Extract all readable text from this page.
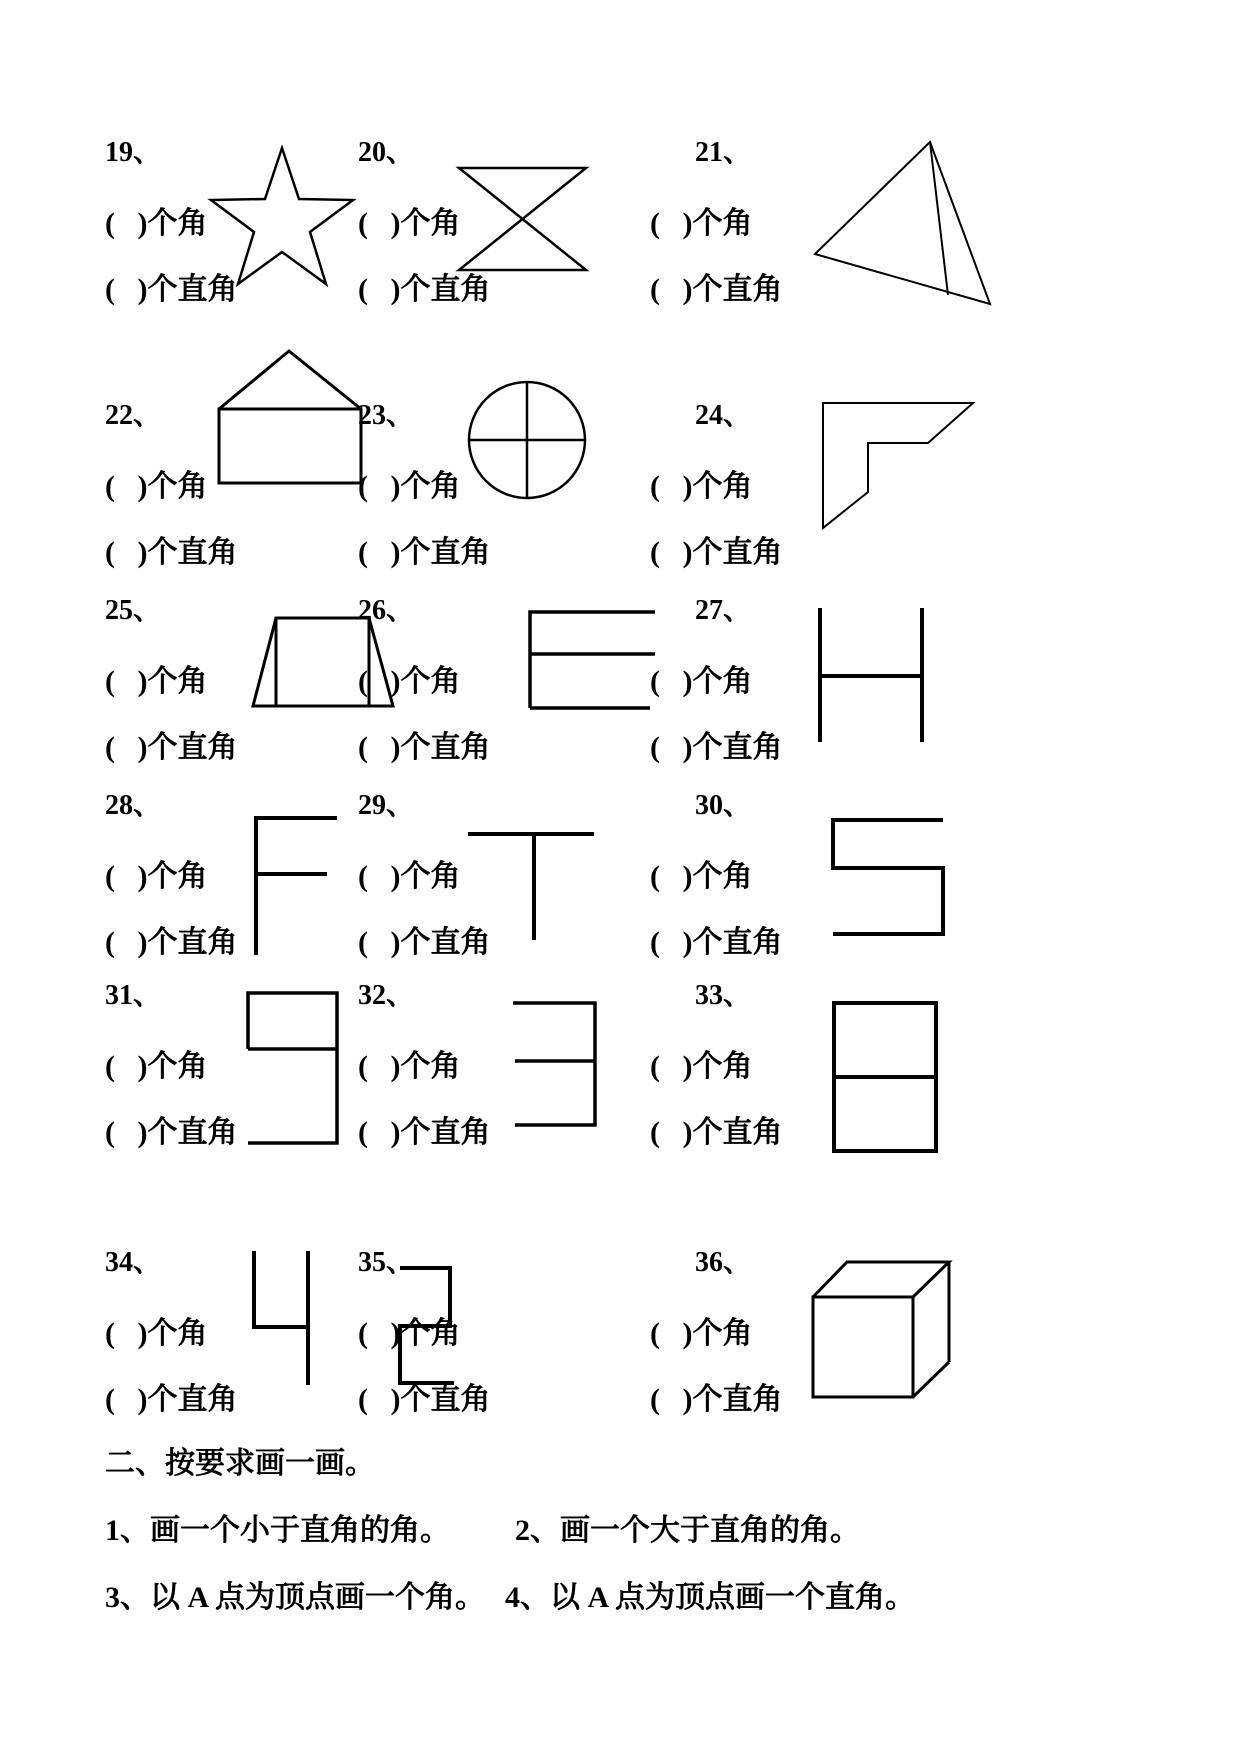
19、
(   )个角
(   )个直角
20、
(   )个角
(   )个直角
21、
(   )个角
(   )个直角
22、
(   )个角
(   )个直角
23、
(   )个角
(   )个直角
24、
(   )个角
(   )个直角
25、
(   )个角
(   )个直角
26、
(   )个角
(   )个直角
27、
(   )个角
(   )个直角
28、
(   )个角
(   )个直角
29、
(   )个角
(   )个直角
30、
(   )个角
(   )个直角
31、
(   )个角
(   )个直角
32、
(   )个角
(   )个直角
33、
(   )个角
(   )个直角
34、
(   )个角
(   )个直角
35、
(   )个角
(   )个直角
36、
(   )个角
(   )个直角
二、按要求画一画。
1、画一个小于直角的角。 2、画一个大于直角的角。
3、以 A 点为顶点画一个角。 4、以 A 点为顶点画一个直角。
